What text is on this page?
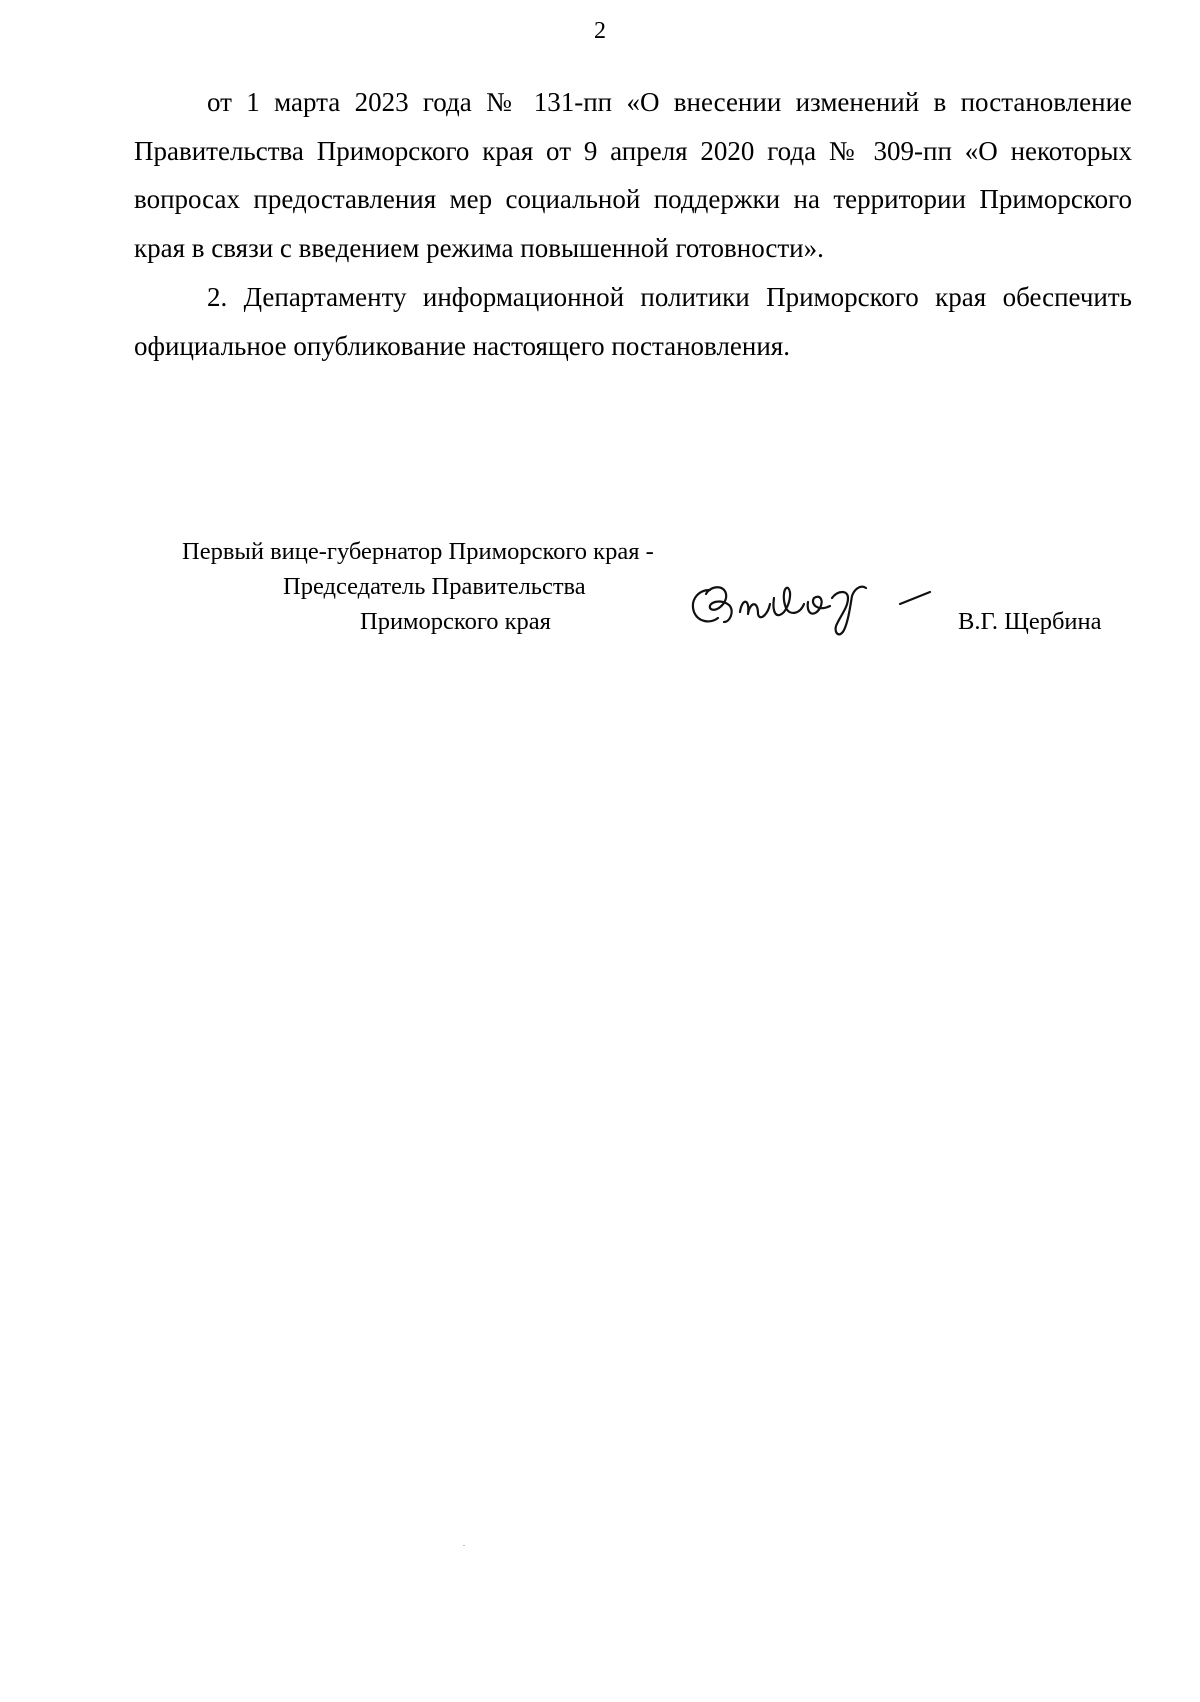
2

от 1 марта 2023 года № 131-пп «О внесении изменений в постановление Правительства Приморского края от 9 апреля 2020 года № 309-пп «О некоторых вопросах предоставления мер социальной поддержки на территории Приморского края в связи с введением режима повышенной готовности».

2. Департаменту информационной политики Приморского края обеспечить официальное опубликование настоящего постановления.

Первый вице-губернатор Приморского края -
Председатель Правительства
Приморского края	В.Г. Щербина
